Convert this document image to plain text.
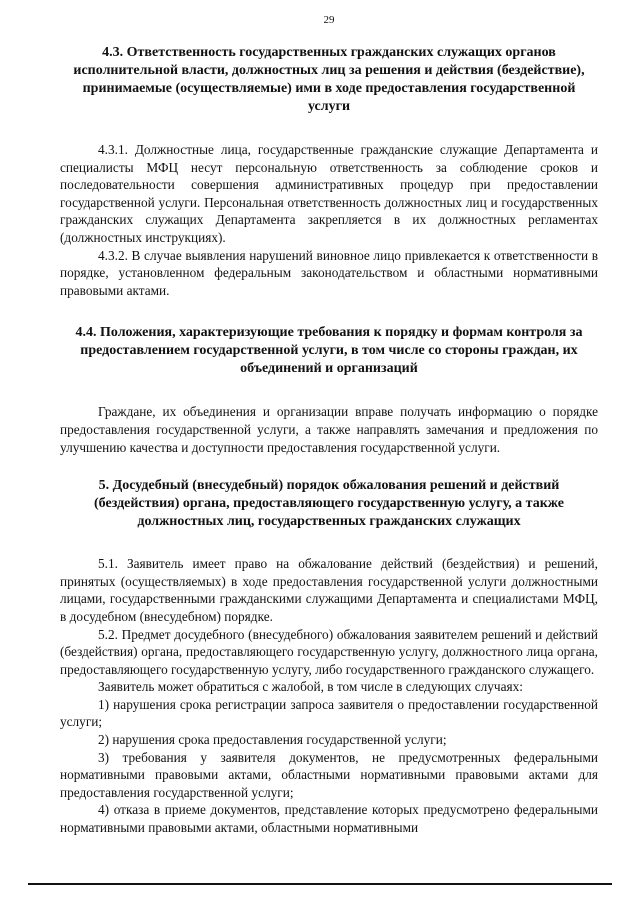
29
4.3. Ответственность государственных гражданских служащих органов исполнительной власти, должностных лиц за решения и действия (бездействие), принимаемые (осуществляемые) ими в ходе предоставления государственной услуги

4.3.1. Должностные лица, государственные гражданские служащие Департамента и специалисты МФЦ несут персональную ответственность за соблюдение сроков и последовательности совершения административных процедур при предоставлении государственной услуги. Персональная ответственность должностных лиц и государственных гражданских служащих Департамента закрепляется в их должностных регламентах (должностных инструкциях).

4.3.2. В случае выявления нарушений виновное лицо привлекается к ответственности в порядке, установленном федеральным законодательством и областными нормативными правовыми актами.

4.4. Положения, характеризующие требования к порядку и формам контроля за предоставлением государственной услуги, в том числе со стороны граждан, их объединений и организаций

Граждане, их объединения и организации вправе получать информацию о порядке предоставления государственной услуги, а также направлять замечания и предложения по улучшению качества и доступности предоставления государственной услуги.

5. Досудебный (внесудебный) порядок обжалования решений и действий (бездействия) органа, предоставляющего государственную услугу, а также должностных лиц, государственных гражданских служащих

5.1. Заявитель имеет право на обжалование действий (бездействия) и решений, принятых (осуществляемых) в ходе предоставления государственной услуги должностными лицами, государственными гражданскими служащими Департамента и специалистами МФЦ, в досудебном (внесудебном) порядке.

5.2. Предмет досудебного (внесудебного) обжалования заявителем решений и действий (бездействия) органа, предоставляющего государственную услугу, должностного лица органа, предоставляющего государственную услугу, либо государственного гражданского служащего.

Заявитель может обратиться с жалобой, в том числе в следующих случаях:

1) нарушения срока регистрации запроса заявителя о предоставлении государственной услуги;

2) нарушения срока предоставления государственной услуги;

3) требования у заявителя документов, не предусмотренных федеральными нормативными правовыми актами, областными нормативными правовыми актами для предоставления государственной услуги;

4) отказа в приеме документов, представление которых предусмотрено федеральными нормативными правовыми актами, областными нормативными
